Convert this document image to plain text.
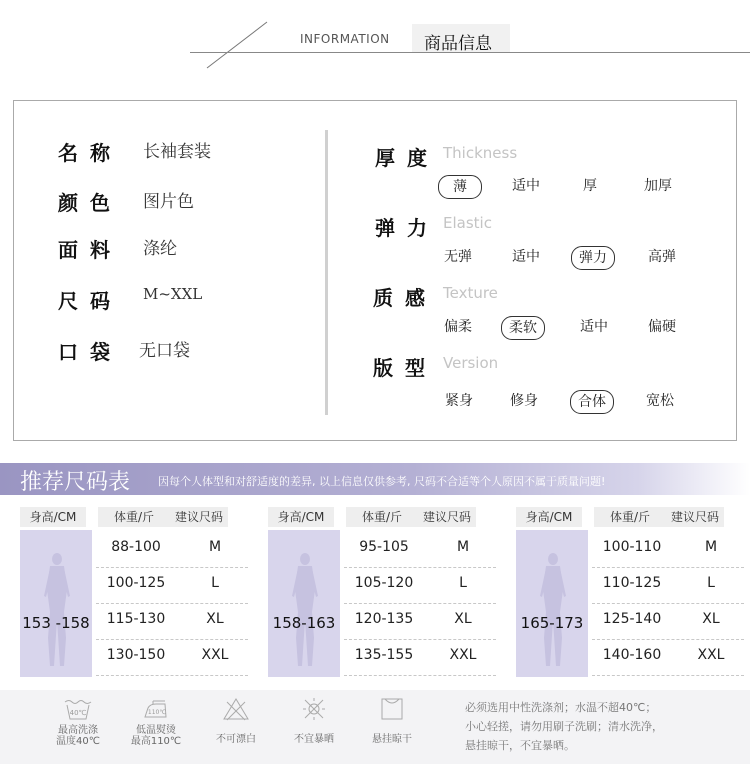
INFORMATION 商品信息
名称 长袖套装
颜色 图片色
面料 涤纶
尺码 M~XXL
口袋 无口袋
厚度 Thickness
薄	适中	厚	加厚
弹力 Elastic
无弹	适中	弹力	高弹
质感 Texture
偏柔	柔软	适中	偏硬
版型 Version
紧身	修身	合体	宽松
推荐尺码表	因每个人体型和对舒适度的差异, 以上信息仅供参考, 尺码不合适等个人原因不属于质量问题!
身高/CM	体重/斤	建议尺码
153 -158
88-100	M
100-125	L
115-130	XL
130-150	XXL
身高/CM	体重/斤	建议尺码
158-163
95-105	M
105-120	L
120-135	XL
135-155	XXL
身高/CM	体重/斤	建议尺码
165-173
100-110	M
110-125	L
125-140	XL
140-160	XXL
40℃
最高洗涤
温度40℃
110℃
低温熨烫
最高110℃	不可漂白	不宜暴晒	悬挂晾干
必须选用中性洗涤剂；水温不超40℃；
小心轻搓，请勿用刷子洗刷；清水洗净，
悬挂晾干，不宜暴晒。
